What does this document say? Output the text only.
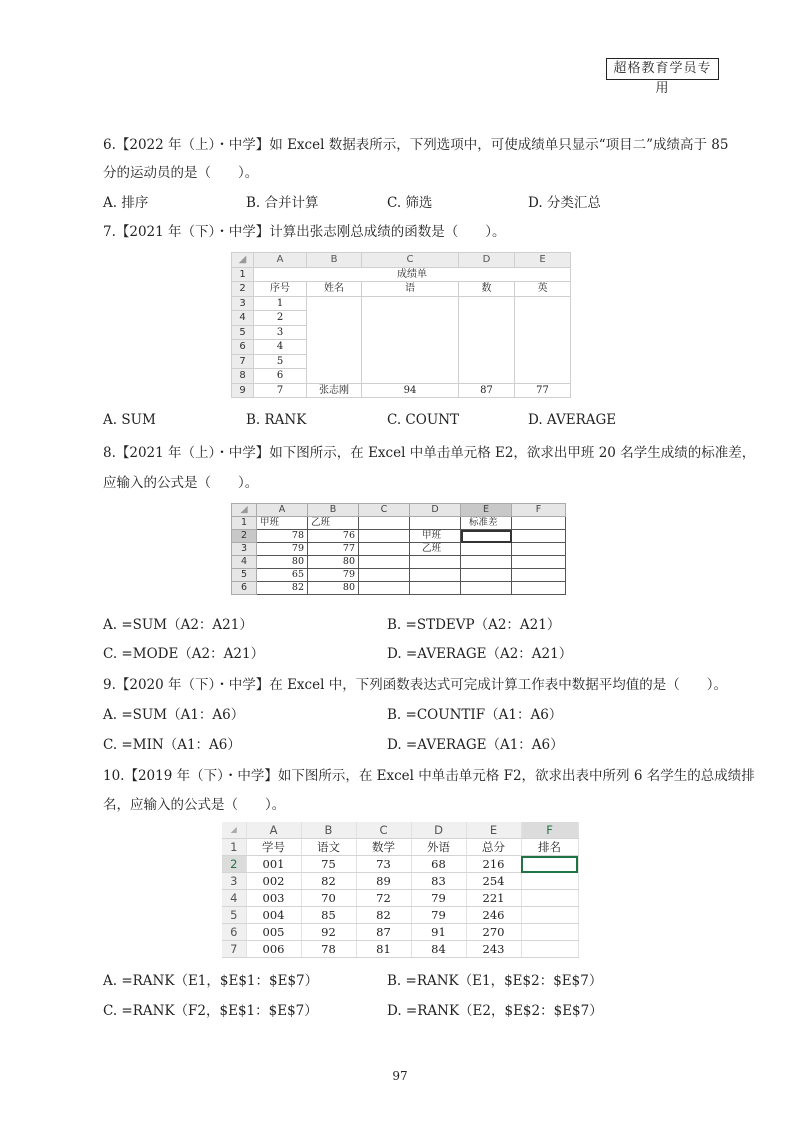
超格教育学员专用
6.【2022 年（上）・中学】如 Excel 数据表所示，下列选项中，可使成绩单只显示“项目二”成绩高于 85
分的运动员的是（　　）。
A. 排序	B. 合并计算	C. 筛选	D. 分类汇总
7.【2021 年（下）・中学】计算出张志刚总成绩的函数是（　　）。
◢	A	B	C	D	E
1	成绩单				
2	序号	姓名	语	数	英
3	1				
4	2				
5	3				
6	4				
7	5				
8	6				
9	7	张志刚	94	87	77
A. SUM	B. RANK	C. COUNT	D. AVERAGE
8.【2021 年（上）・中学】如下图所示，在 Excel 中单击单元格 E2，欲求出甲班 20 名学生成绩的标准差，
应输入的公式是（　　）。
◢	A	B	C	D	E	F
1	甲班	乙班			标准差	
2	78	76		甲班		
3	79	77		乙班		
4	80	80				
5	65	79				
6	82	80				
A. =SUM（A2：A21）	B. =STDEVP（A2：A21）
C. =MODE（A2：A21）	D. =AVERAGE（A2：A21）
9.【2020 年（下）・中学】在 Excel 中，下列函数表达式可完成计算工作表中数据平均值的是（　　）。
A. =SUM（A1：A6）	B. =COUNTIF（A1：A6）
C. =MIN（A1：A6）	D. =AVERAGE（A1：A6）
10.【2019 年（下）・中学】如下图所示，在 Excel 中单击单元格 F2，欲求出表中所列 6 名学生的总成绩排
名，应输入的公式是（　　）。
◢	A	B	C	D	E	F
1	学号	语文	数学	外语	总分	排名
2	001	75	73	68	216	
3	002	82	89	83	254	
4	003	70	72	79	221	
5	004	85	82	79	246	
6	005	92	87	91	270	
7	006	78	81	84	243	
A. =RANK（E1，$E$1：$E$7）	B. =RANK（E1，$E$2：$E$7）
C. =RANK（F2，$E$1：$E$7）	D. =RANK（E2，$E$2：$E$7）
97
